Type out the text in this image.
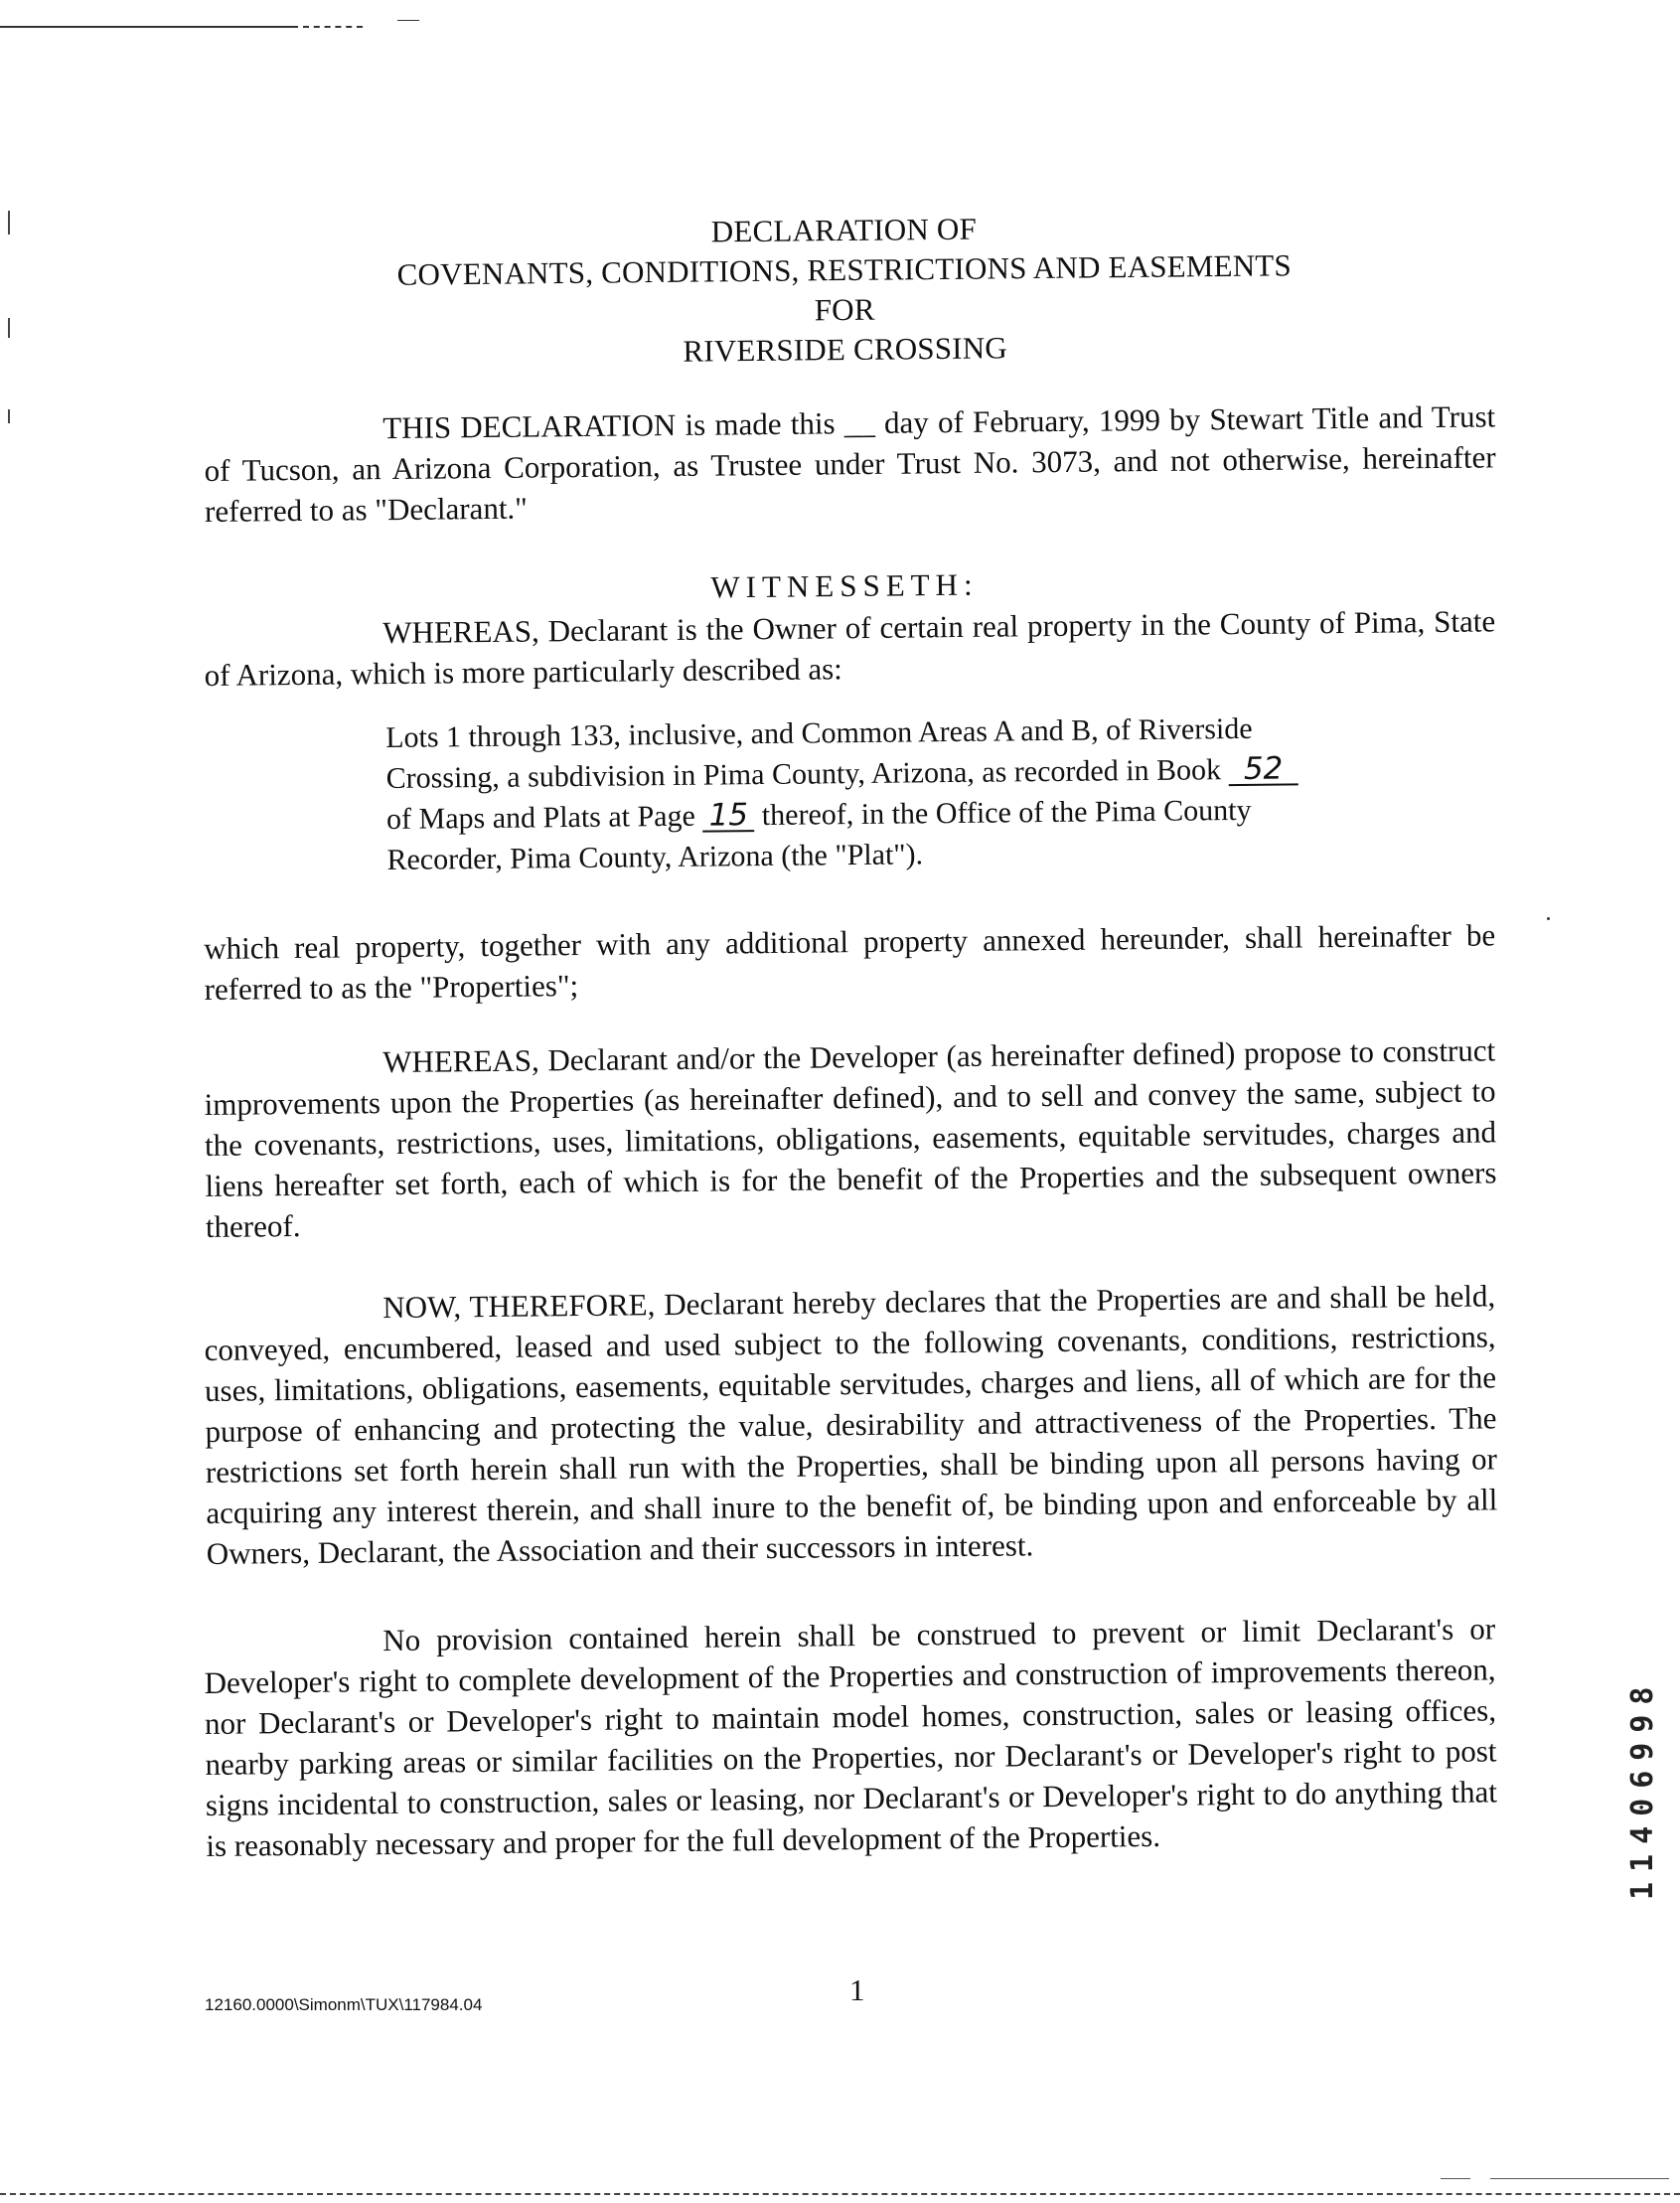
DECLARATION OF
COVENANTS, CONDITIONS, RESTRICTIONS AND EASEMENTS
FOR
RIVERSIDE CROSSING
THIS DECLARATION is made this __ day of February, 1999 by Stewart Title and Trust of Tucson, an Arizona Corporation, as Trustee under Trust No. 3073, and not otherwise, hereinafter referred to as "Declarant."
WITNESSETH:
WHEREAS, Declarant is the Owner of certain real property in the County of Pima, State of Arizona, which is more particularly described as:
Lots 1 through 133, inclusive, and Common Areas A and B, of Riverside Crossing, a subdivision in Pima County, Arizona, as recorded in Book 52 of Maps and Plats at Page 15 thereof, in the Office of the Pima County Recorder, Pima County, Arizona (the "Plat").
which real property, together with any additional property annexed hereunder, shall hereinafter be referred to as the "Properties";
WHEREAS, Declarant and/or the Developer (as hereinafter defined) propose to construct improvements upon the Properties (as hereinafter defined), and to sell and convey the same, subject to the covenants, restrictions, uses, limitations, obligations, easements, equitable servitudes, charges and liens hereafter set forth, each of which is for the benefit of the Properties and the subsequent owners thereof.
NOW, THEREFORE, Declarant hereby declares that the Properties are and shall be held, conveyed, encumbered, leased and used subject to the following covenants, conditions, restrictions, uses, limitations, obligations, easements, equitable servitudes, charges and liens, all of which are for the purpose of enhancing and protecting the value, desirability and attractiveness of the Properties. The restrictions set forth herein shall run with the Properties, shall be binding upon all persons having or acquiring any interest therein, and shall inure to the benefit of, be binding upon and enforceable by all Owners, Declarant, the Association and their successors in interest.
No provision contained herein shall be construed to prevent or limit Declarant's or Developer's right to complete development of the Properties and construction of improvements thereon, nor Declarant's or Developer's right to maintain model homes, construction, sales or leasing offices, nearby parking areas or similar facilities on the Properties, nor Declarant's or Developer's right to post signs incidental to construction, sales or leasing, nor Declarant's or Developer's right to do anything that is reasonably necessary and proper for the full development of the Properties.
1
12160.0000\Simonm\TUX\117984.04
11406998
